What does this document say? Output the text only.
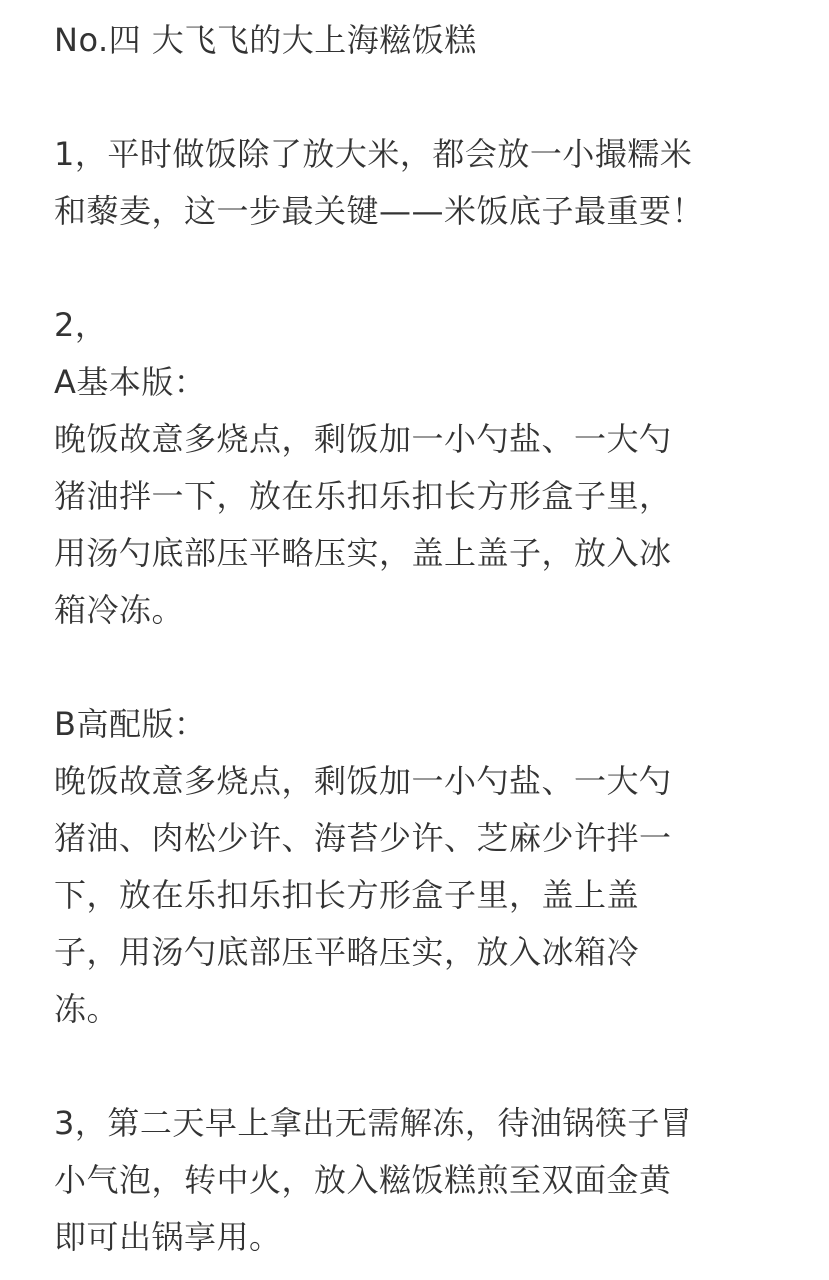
No.四 大飞飞的大上海糍饭糕
1，平时做饭除了放大米，都会放一小撮糯米
和藜麦，这一步最关键——米饭底子最重要！
2，
A基本版：
晚饭故意多烧点，剩饭加一小勺盐、一大勺
猪油拌一下，放在乐扣乐扣长方形盒子里，
用汤勺底部压平略压实，盖上盖子，放入冰
箱冷冻。
B高配版：
晚饭故意多烧点，剩饭加一小勺盐、一大勺
猪油、肉松少许、海苔少许、芝麻少许拌一
下，放在乐扣乐扣长方形盒子里，盖上盖
子，用汤勺底部压平略压实，放入冰箱冷
冻。
3，第二天早上拿出无需解冻，待油锅筷子冒
小气泡，转中火，放入糍饭糕煎至双面金黄
即可出锅享用。
